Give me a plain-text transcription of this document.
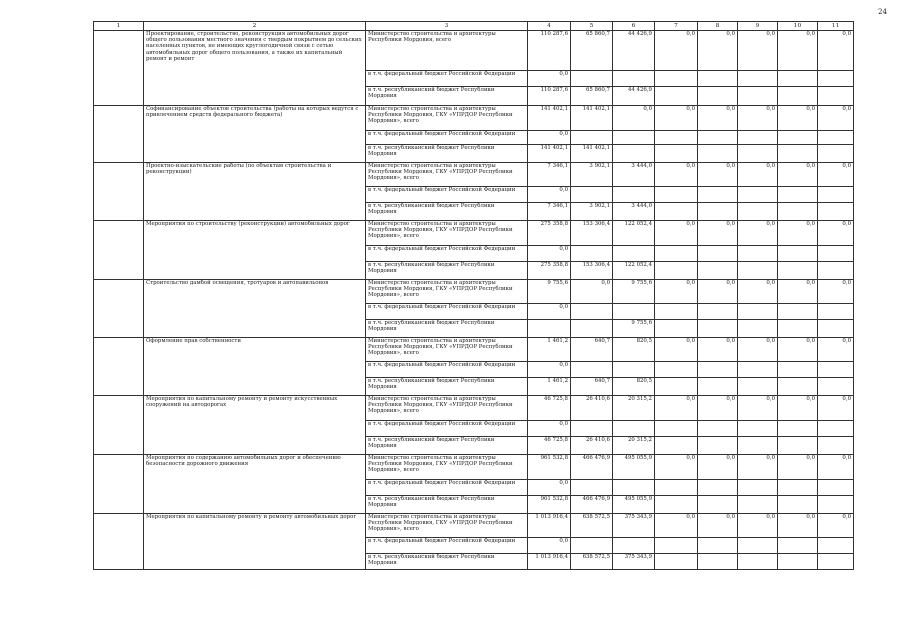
24
1	2	3	4	5	6	7	8	9	10	11
	Проектирование, строительство, реконструкция автомобильных дорог общего пользования местного значения с твердым покрытием до сельских населенных пунктов, не имеющих круглогодичной связи с сетью автомобильных дорог общего пользования, а также их капитальный ремонт и ремонт	Министерство строительства и архитектуры Республики Мордовия, всего	110 287,6	65 860,7	44 426,9	0,0	0,0	0,0	0,0	0,0
		в т.ч. федеральный бюджет Российской Федерации	0,0							
		в т.ч. республиканский бюджет Республики Мордовия	110 287,6	65 860,7	44 426,9					
	Софинансирование объектов строительства (работы на которых ведутся с привлечением средств федерального бюджета)	Министерство строительства и архитектуры Республики Мордовия, ГКУ «УПРДОР Республики Мордовия», всего	141 402,1	141 402,1	0,0	0,0	0,0	0,0	0,0	0,0
		в т.ч. федеральный бюджет Российской Федерации	0,0							
		в т.ч. республиканский бюджет Республики Мордовия	141 402,1	141 402,1						
	Проектно-изыскательские работы (по объектам строительства и реконструкции)	Министерство строительства и архитектуры Республики Мордовия, ГКУ «УПРДОР Республики Мордовия», всего	7 346,1	3 902,1	3 444,0	0,0	0,0	0,0	0,0	0,0
		в т.ч. федеральный бюджет Российской Федерации	0,0							
		в т.ч. республиканский бюджет Республики Мордовия	7 346,1	3 902,1	3 444,0					
	Мероприятия по строительству (реконструкции) автомобильных дорог	Министерство строительства и архитектуры Республики Мордовия, ГКУ «УПРДОР Республики Мордовия», всего	275 358,8	153 306,4	122 052,4	0,0	0,0	0,0	0,0	0,0
		в т.ч. федеральный бюджет Российской Федерации	0,0							
		в т.ч. республиканский бюджет Республики Мордовия	275 358,8	153 306,4	122 052,4					
	Строительство дамбой освещения, тротуаров и автопавильонов	Министерство строительства и архитектуры Республики Мордовия, ГКУ «УПРДОР Республики Мордовия», всего	9 755,6	0,0	9 755,6	0,0	0,0	0,0	0,0	0,0
		в т.ч. федеральный бюджет Российской Федерации	0,0							
		в т.ч. республиканский бюджет Республики Мордовия			9 755,6					
	Оформление прав собственности	Министерство строительства и архитектуры Республики Мордовия, ГКУ «УПРДОР Республики Мордовия», всего	1 461,2	640,7	820,5	0,0	0,0	0,0	0,0	0,0
		в т.ч. федеральный бюджет Российской Федерации	0,0							
		в т.ч. республиканский бюджет Республики Мордовия	1 461,2	640,7	820,5					
	Мероприятия по капитальному ремонту и ремонту искусственных сооружений на автодорогах	Министерство строительства и архитектуры Республики Мордовия, ГКУ «УПРДОР Республики Мордовия», всего	46 725,8	26 410,6	20 315,2	0,0	0,0	0,0	0,0	0,0
		в т.ч. федеральный бюджет Российской Федерации	0,0							
		в т.ч. республиканский бюджет Республики Мордовия	46 725,8	26 410,6	20 315,2					
	Мероприятия по содержанию автомобильных дорог и обеспечению безопасности дорожного движения	Министерство строительства и архитектуры Республики Мордовия, ГКУ «УПРДОР Республики Мордовия», всего	961 532,8	466 476,9	495 055,9	0,0	0,0	0,0	0,0	0,0
		в т.ч. федеральный бюджет Российской Федерации	0,0							
		в т.ч. республиканский бюджет Республики Мордовия	961 532,8	466 476,9	495 055,9					
	Мероприятия по капитальному ремонту и ремонту автомобильных дорог	Министерство строительства и архитектуры Республики Мордовия, ГКУ «УПРДОР Республики Мордовия», всего	1 013 916,4	638 572,5	375 343,9	0,0	0,0	0,0	0,0	0,0
		в т.ч. федеральный бюджет Российской Федерации	0,0							
		в т.ч. республиканский бюджет Республики Мордовия	1 013 916,4	638 572,5	375 343,9					
